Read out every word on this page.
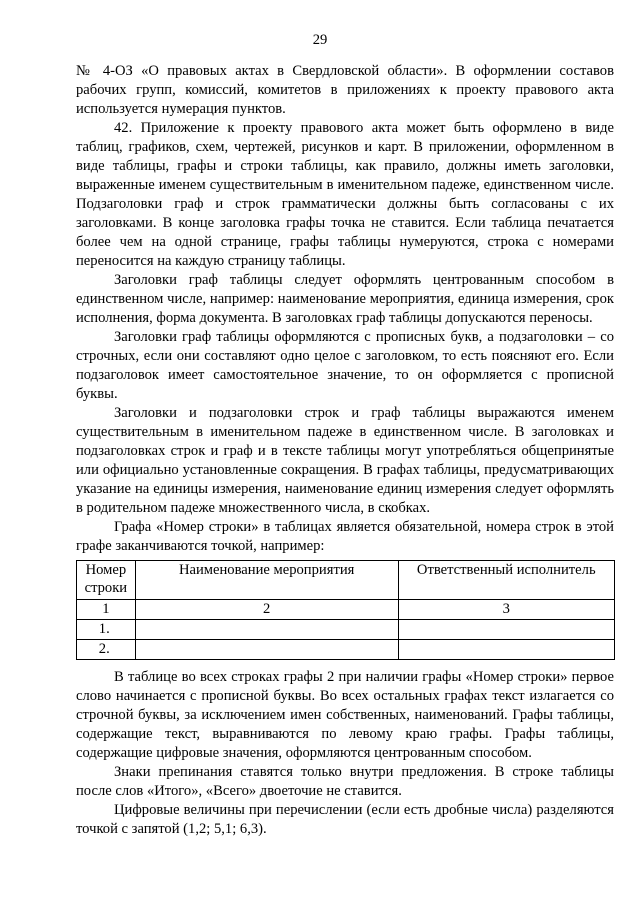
29

№ 4-ОЗ «О правовых актах в Свердловской области». В оформлении составов рабочих групп, комиссий, комитетов в приложениях к проекту правового акта используется нумерация пунктов.

42. Приложение к проекту правового акта может быть оформлено в виде таблиц, графиков, схем, чертежей, рисунков и карт. В приложении, оформленном в виде таблицы, графы и строки таблицы, как правило, должны иметь заголовки, выраженные именем существительным в именительном падеже, единственном числе. Подзаголовки граф и строк грамматически должны быть согласованы с их заголовками. В конце заголовка графы точка не ставится. Если таблица печатается более чем на одной странице, графы таблицы нумеруются, строка с номерами переносится на каждую страницу таблицы.

Заголовки граф таблицы следует оформлять центрованным способом в единственном числе, например: наименование мероприятия, единица измерения, срок исполнения, форма документа. В заголовках граф таблицы допускаются переносы.

Заголовки граф таблицы оформляются с прописных букв, а подзаголовки – со строчных, если они составляют одно целое с заголовком, то есть поясняют его. Если подзаголовок имеет самостоятельное значение, то он оформляется с прописной буквы.

Заголовки и подзаголовки строк и граф таблицы выражаются именем существительным в именительном падеже в единственном числе. В заголовках и подзаголовках строк и граф и в тексте таблицы могут употребляться общепринятые или официально установленные сокращения. В графах таблицы, предусматривающих указание на единицы измерения, наименование единиц измерения следует оформлять в родительном падеже множественного числа, в скобках.

Графа «Номер строки» в таблицах является обязательной, номера строк в этой графе заканчиваются точкой, например:

Номер строки	Наименование мероприятия	Ответственный исполнитель
1	2	3
1.		
2.		

В таблице во всех строках графы 2 при наличии графы «Номер строки» первое слово начинается с прописной буквы. Во всех остальных графах текст излагается со строчной буквы, за исключением имен собственных, наименований. Графы таблицы, содержащие текст, выравниваются по левому краю графы. Графы таблицы, содержащие цифровые значения, оформляются центрованным способом.

Знаки препинания ставятся только внутри предложения. В строке таблицы после слов «Итого», «Всего» двоеточие не ставится.

Цифровые величины при перечислении (если есть дробные числа) разделяются точкой с запятой (1,2; 5,1; 6,3).
